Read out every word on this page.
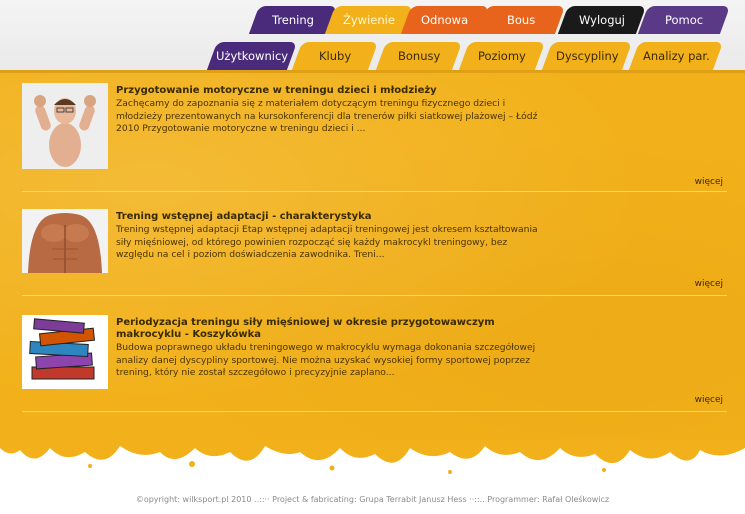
Trening	Żywienie	Odnowa	Bous	Wyloguj	Pomoc
Użytkownicy	Kluby	Bonusy	Poziomy	Dyscypliny	Analizy par.
Przygotowanie motoryczne w treningu dzieci i młodzieży
Zachęcamy do zapoznania się z materiałem dotyczącym treningu fizycznego dzieci i młodzieży prezentowanych na kursokonferencji dla trenerów piłki siatkowej plażowej – Łódź 2010 Przygotowanie motoryczne w treningu dzieci i ...
więcej
Trening wstępnej adaptacji - charakterystyka
Trening wstępnej adaptacji Etap wstępnej adaptacji treningowej jest okresem kształtowania siły mięśniowej, od którego powinien rozpocząć się każdy makrocykl treningowy, bez względu na cel i poziom doświadczenia zawodnika. Treni...
więcej
Periodyzacja treningu siły mięśniowej w okresie przygotowawczym makrocyklu - Koszykówka
Budowa poprawnego układu treningowego w makrocyklu wymaga dokonania szczegółowej analizy danej dyscypliny sportowej. Nie można uzyskać wysokiej formy sportowej poprzez trening, który nie został szczegółowo i precyzyjnie zaplano...
więcej
©opyright: wilksport.pl 2010 ..::·· Project & fabricating: Grupa Terrabit Janusz Hess ··::.. Programmer: Rafał Oleśkowicz
